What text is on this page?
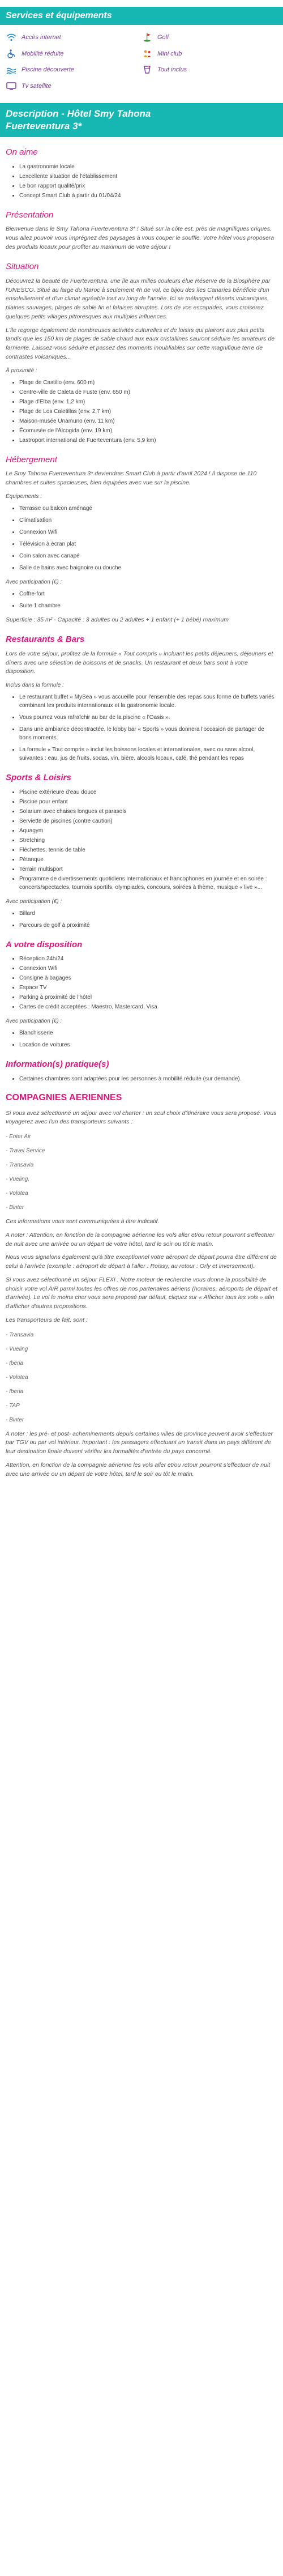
Services et équipements
Accès internet	Golf
Mobilité réduite	Mini club
Piscine découverte	Tout inclus
Tv satellite
Description - Hôtel Smy Tahona
Fuerteventura 3*
On aime
• La gastronomie locale
• Lexcellente situation de l'établissement
• Le bon rapport qualité/prix
• Concept Smart Club à partir du 01/04/24
Présentation

Bienvenue dans le Smy Tahona Fuerteventura 3* ! Situé sur la côte est, près de magnifiques criques, vous allez pouvoir vous imprégnez des paysages à vous couper le souffle. Votre hôtel vous proposera des produits locaux pour profiter au maximum de votre séjour !

Situation

Découvrez la beauté de Fuerteventura, une île aux milles couleurs élue Réserve de la Biosphère par l'UNESCO. Situé au large du Maroc à seulement 4h de vol, ce bijou des îles Canaries bénéficie d'un ensoleillement et d'un climat agréable tout au long de l'année. Ici se mélangent déserts volcaniques, plaines sauvages, plages de sable fin et falaises abruptes. Lors de vos escapades, vous croiserez quelques petits villages pittoresques aux multiples influences.

L'île regorge également de nombreuses activités culturelles et de loisirs qui plairont aux plus petits tandis que les 150 km de plages de sable chaud aux eaux cristallines sauront séduire les amateurs de farniente. Laissez-vous séduire et passez des moments inoubliables sur cette magnifique terre de contrastes volcaniques...

À proximité :
• Plage de Castillo (env. 600 m)
• Centre-ville de Caleta de Fuste (env. 650 m)
• Plage d'Elba (env. 1,2 km)
• Plage de Los Caletillas (env. 2,7 km)
• Maison-musée Unamuno (env. 11 km)
• Écomusée de l'Alcogida (env. 19 km)
• Lastroport international de Fuerteventura (env. 5,9 km)
Hébergement

Le Smy Tahona Fuerteventura 3* deviendras Smart Club à partir d'avril 2024 ! Il dispose de 110 chambres et suites spacieuses, bien équipées avec vue sur la piscine.

Équipements :
• Terrasse ou balcon aménagé
• Climatisation
• Connexion Wifi
• Télévision à écran plat
• Coin salon avec canapé
• Salle de bains avec baignoire ou douche
Avec participation (€) :
• Coffre-fort
• Suite 1 chambre

Superficie : 35 m² - Capacité : 3 adultes ou 2 adultes + 1 enfant (+ 1 bébé) maximum

Restaurants & Bars

Lors de votre séjour, profitez de la formule « Tout compris » incluant les petits déjeuners, déjeuners et dîners avec une sélection de boissons et de snacks. Un restaurant et deux bars sont à votre disposition.

Inclus dans la formule :
• Le restaurant buffet « MySea » vous accueille pour l'ensemble des repas sous forme de buffets variés combinant les produits internationaux et la gastronomie locale.
• Vous pourrez vous rafraîchir au bar de la piscine « l'Oasis ».
• Dans une ambiance décontractée, le lobby bar « Sports » vous donnera l'occasion de partager de bons moments.
• La formule « Tout compris » inclut les boissons locales et internationales, avec ou sans alcool, suivantes : eau, jus de fruits, sodas, vin, bière, alcools locaux, café, thé pendant les repas
Sports & Loisirs
• Piscine extérieure d'eau douce
• Piscine pour enfant
• Solarium avec chaises longues et parasols
• Serviette de piscines (contre caution)
• Aquagym
• Stretching
• Fléchettes, tennis de table
• Pétanque
• Terrain multisport
• Programme de divertissements quotidiens internationaux et francophones en journée et en soirée : concerts/spectacles, tournois sportifs, olympiades, concours, soirées à thème, musique « live »...
Avec participation (€) :
• Billard
• Parcours de golf à proximité
A votre disposition
• Réception 24h/24
• Connexion Wifi
• Consigne à bagages
• Espace TV
• Parking à proximité de l'hôtel
• Cartes de crédit acceptées : Maestro, Mastercard, Visa
Avec participation (€) :
• Blanchisserie
• Location de voitures
Information(s) pratique(s)
• Certaines chambres sont adaptées pour les personnes à mobilité réduite (sur demande).
COMPAGNIES AERIENNES

Si vous avez sélectionné un séjour avec vol charter : un seul choix d'itinéraire vous sera proposé. Vous voyagerez avec l'un des transporteurs suivants :

- Enter Air
- Travel Service
- Transavia
- Vueling,
- Volotea
- Binter

Ces informations vous sont communiquées à titre indicatif.

A noter : Attention, en fonction de la compagnie aérienne les vols aller et/ou retour pourront s'effectuer de nuit avec une arrivée ou un départ de votre hôtel, tard le soir ou tôt le matin.

Nous vous signalons également qu'à titre exceptionnel votre aéroport de départ pourra être différent de celui à l'arrivée (exemple : aéroport de départ à l'aller : Roissy, au retour : Orly et inversement).

Si vous avez sélectionné un séjour FLEXI : Notre moteur de recherche vous donne la possibilité de choisir votre vol A/R parmi toutes les offres de nos partenaires aériens (horaires, aéroports de départ et d'arrivée). Le vol le moins cher vous sera proposé par défaut, cliquez sur « Afficher tous les vols » afin d'afficher d'autres propositions.

Les transporteurs de fait, sont :

- Transavia
- Vueling
- Iberia
- Volotea
- Iberia
- TAP
- Binter

A noter : les pré- et post- acheminements depuis certaines villes de province peuvent avoir s'effectuer par TGV ou par vol intérieur. Important : les passagers effectuant un transit dans un pays différent de leur destination finale doivent vérifier les formalités d'entrée du pays concerné.

Attention, en fonction de la compagnie aérienne les vols aller et/ou retour pourront s'effectuer de nuit avec une arrivée ou un départ de votre hôtel, tard le soir ou tôt le matin.
